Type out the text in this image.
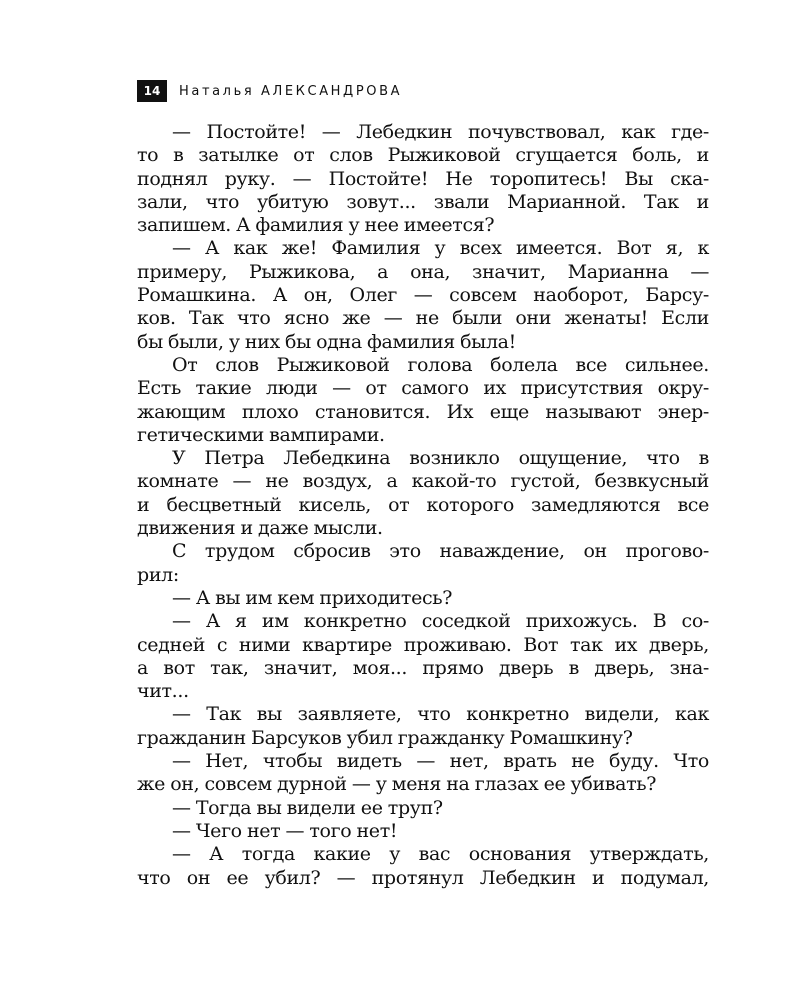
14	Наталья АЛЕКСАНДРОВА
— Постойте! — Лебедкин почувствовал, как где-
то в затылке от слов Рыжиковой сгущается боль, и
поднял руку. — Постойте! Не торопитесь! Вы ска-
зали, что убитую зовут... звали Марианной. Так и
запишем. А фамилия у нее имеется?
— А как же! Фамилия у всех имеется. Вот я, к
примеру, Рыжикова, а она, значит, Марианна —
Ромашкина. А он, Олег — совсем наоборот, Барсу-
ков. Так что ясно же — не были они женаты! Если
бы были, у них бы одна фамилия была!
От слов Рыжиковой голова болела все сильнее.
Есть такие люди — от самого их присутствия окру-
жающим плохо становится. Их еще называют энер-
гетическими вампирами.
У Петра Лебедкина возникло ощущение, что в
комнате — не воздух, а какой-то густой, безвкусный
и бесцветный кисель, от которого замедляются все
движения и даже мысли.
С трудом сбросив это наваждение, он прогово-
рил:
— А вы им кем приходитесь?
— А я им конкретно соседкой прихожусь. В со-
седней с ними квартире проживаю. Вот так их дверь,
а вот так, значит, моя... прямо дверь в дверь, зна-
чит...
— Так вы заявляете, что конкретно видели, как
гражданин Барсуков убил гражданку Ромашкину?
— Нет, чтобы видеть — нет, врать не буду. Что
же он, совсем дурной — у меня на глазах ее убивать?
— Тогда вы видели ее труп?
— Чего нет — того нет!
— А тогда какие у вас основания утверждать,
что он ее убил? — протянул Лебедкин и подумал,
